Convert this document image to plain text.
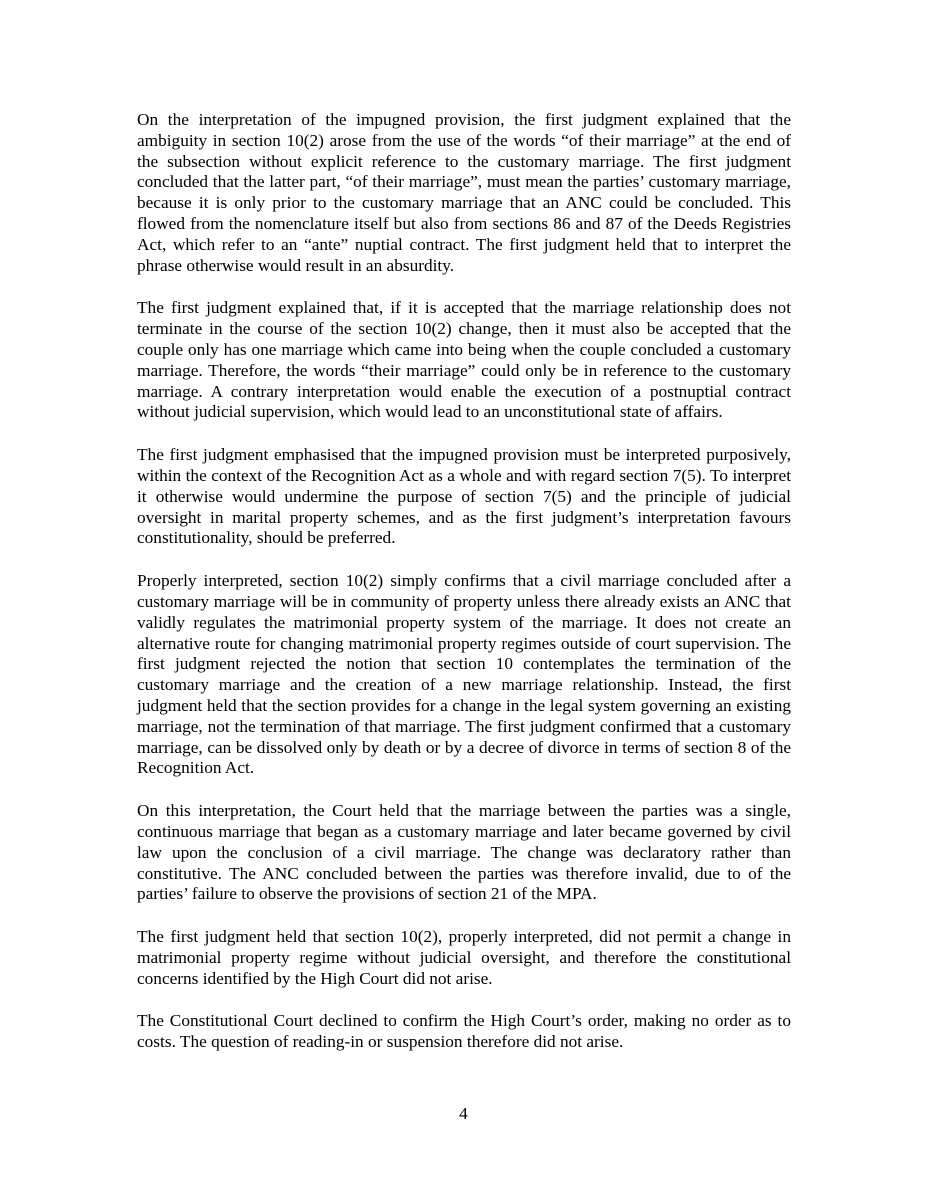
On the interpretation of the impugned provision, the first judgment explained that the ambiguity in section 10(2) arose from the use of the words “of their marriage” at the end of the subsection without explicit reference to the customary marriage. The first judgment concluded that the latter part, “of their marriage”, must mean the parties’ customary marriage, because it is only prior to the customary marriage that an ANC could be concluded. This flowed from the nomenclature itself but also from sections 86 and 87 of the Deeds Registries Act, which refer to an “ante” nuptial contract. The first judgment held that to interpret the phrase otherwise would result in an absurdity.

The first judgment explained that, if it is accepted that the marriage relationship does not terminate in the course of the section 10(2) change, then it must also be accepted that the couple only has one marriage which came into being when the couple concluded a customary marriage. Therefore, the words “their marriage” could only be in reference to the customary marriage. A contrary interpretation would enable the execution of a postnuptial contract without judicial supervision, which would lead to an unconstitutional state of affairs.

The first judgment emphasised that the impugned provision must be interpreted purposively, within the context of the Recognition Act as a whole and with regard section 7(5). To interpret it otherwise would undermine the purpose of section 7(5) and the principle of judicial oversight in marital property schemes, and as the first judgment’s interpretation favours constitutionality, should be preferred.

Properly interpreted, section 10(2) simply confirms that a civil marriage concluded after a customary marriage will be in community of property unless there already exists an ANC that validly regulates the matrimonial property system of the marriage. It does not create an alternative route for changing matrimonial property regimes outside of court supervision. The first judgment rejected the notion that section 10 contemplates the termination of the customary marriage and the creation of a new marriage relationship. Instead, the first judgment held that the section provides for a change in the legal system governing an existing marriage, not the termination of that marriage. The first judgment confirmed that a customary marriage, can be dissolved only by death or by a decree of divorce in terms of section 8 of the Recognition Act.

On this interpretation, the Court held that the marriage between the parties was a single, continuous marriage that began as a customary marriage and later became governed by civil law upon the conclusion of a civil marriage. The change was declaratory rather than constitutive. The ANC concluded between the parties was therefore invalid, due to of the parties’ failure to observe the provisions of section 21 of the MPA.

The first judgment held that section 10(2), properly interpreted, did not permit a change in matrimonial property regime without judicial oversight, and therefore the constitutional concerns identified by the High Court did not arise.

The Constitutional Court declined to confirm the High Court’s order, making no order as to costs. The question of reading-in or suspension therefore did not arise.

4
